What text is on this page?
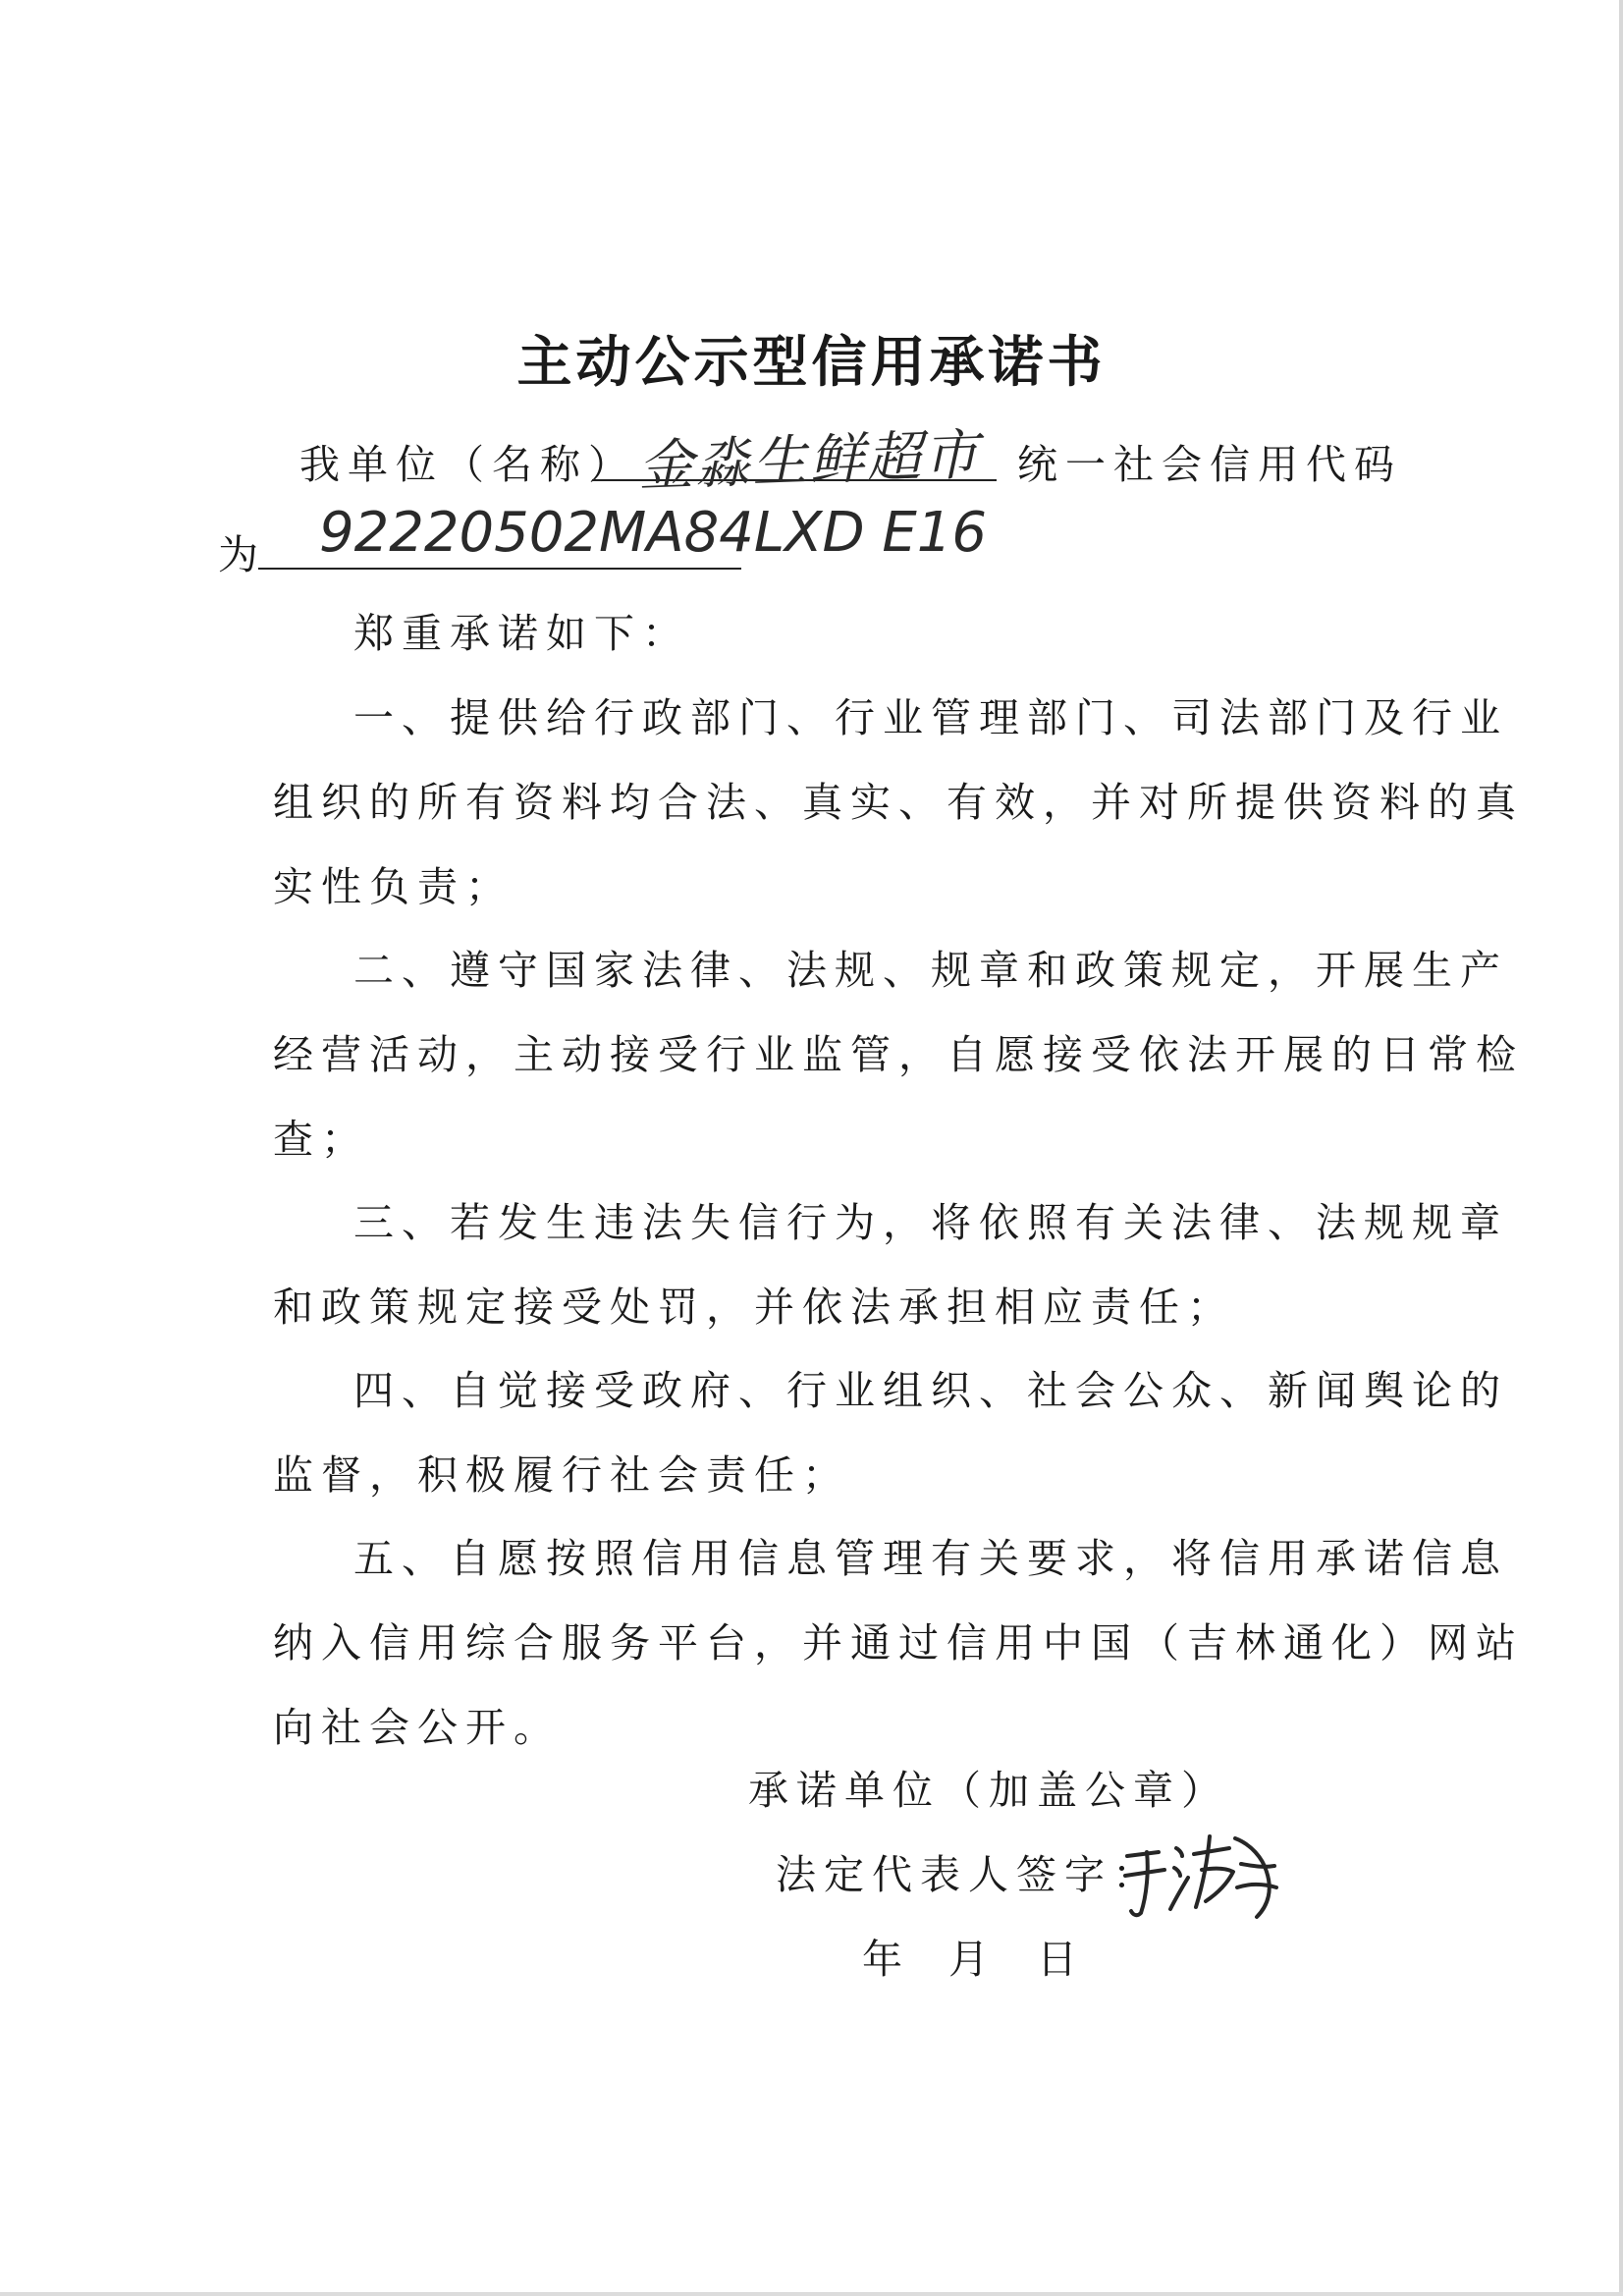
主动公示型信用承诺书
我单位（名称） 金淼生鲜超市 统一社会信用代码
为 92220502MA84LXD E16
郑重承诺如下：
一、提供给行政部门、行业管理部门、司法部门及行业
组织的所有资料均合法、真实、有效，并对所提供资料的真
实性负责；
二、遵守国家法律、法规、规章和政策规定，开展生产
经营活动，主动接受行业监管，自愿接受依法开展的日常检
查；
三、若发生违法失信行为，将依照有关法律、法规规章
和政策规定接受处罚，并依法承担相应责任；
四、自觉接受政府、行业组织、社会公众、新闻舆论的
监督，积极履行社会责任；
五、自愿按照信用信息管理有关要求，将信用承诺信息
纳入信用综合服务平台，并通过信用中国（吉林通化）网站
向社会公开。
承诺单位（加盖公章）
法定代表人签字：
年 月 日
